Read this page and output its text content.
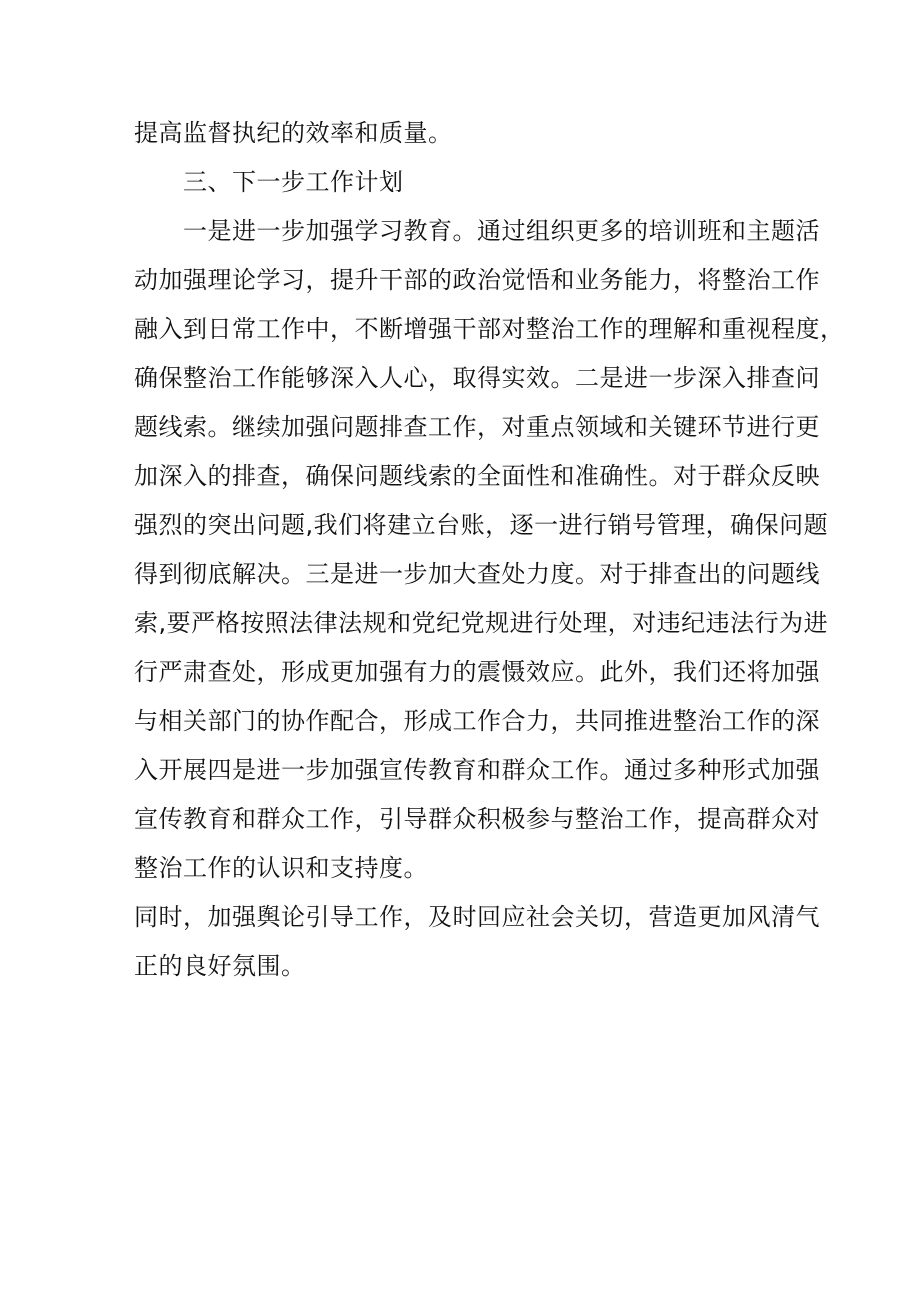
提高监督执纪的效率和质量。
三、下一步工作计划
一是进一步加强学习教育。通过组织更多的培训班和主题活
动加强理论学习，提升干部的政治觉悟和业务能力，将整治工作
融入到日常工作中，不断增强干部对整治工作的理解和重视程度，
确保整治工作能够深入人心，取得实效。二是进一步深入排查问
题线索。继续加强问题排查工作，对重点领域和关键环节进行更
加深入的排查，确保问题线索的全面性和准确性。对于群众反映
强烈的突出问题,我们将建立台账，逐一进行销号管理，确保问题
得到彻底解决。三是进一步加大查处力度。对于排查出的问题线
索,要严格按照法律法规和党纪党规进行处理，对违纪违法行为进
行严肃查处，形成更加强有力的震慑效应。此外，我们还将加强
与相关部门的协作配合，形成工作合力，共同推进整治工作的深
入开展四是进一步加强宣传教育和群众工作。通过多种形式加强
宣传教育和群众工作，引导群众积极参与整治工作，提高群众对
整治工作的认识和支持度。
同时，加强舆论引导工作，及时回应社会关切，营造更加风清气
正的良好氛围。
